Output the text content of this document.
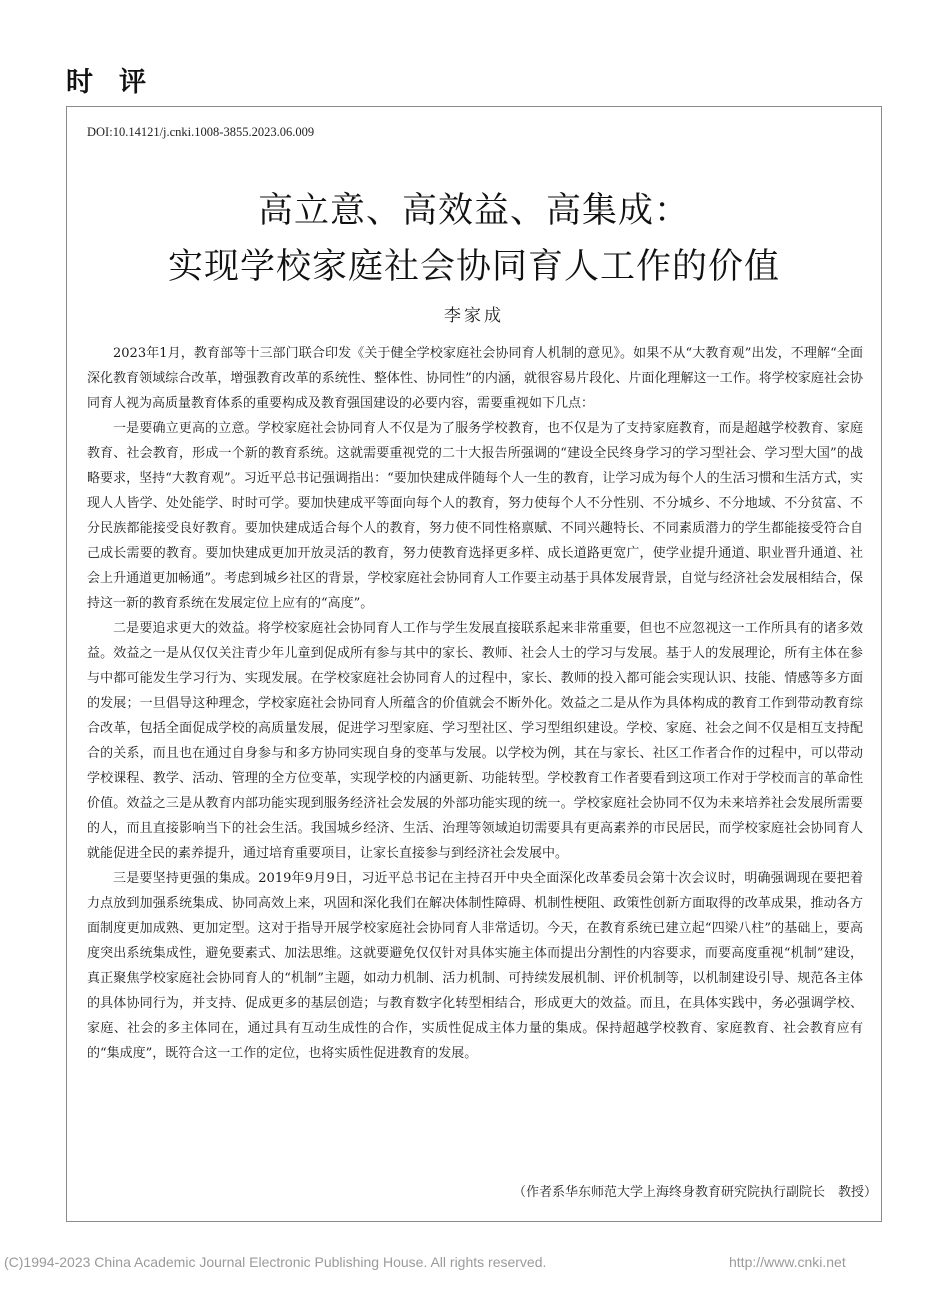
时评
DOI:10.14121/j.cnki.1008-3855.2023.06.009
高立意、高效益、高集成：
实现学校家庭社会协同育人工作的价值
李家成

2023年1月，教育部等十三部门联合印发《关于健全学校家庭社会协同育人机制的意见》。如果不从“大教育观”出发，不理解“全面深化教育领域综合改革，增强教育改革的系统性、整体性、协同性”的内涵，就很容易片段化、片面化理解这一工作。将学校家庭社会协同育人视为高质量教育体系的重要构成及教育强国建设的必要内容，需要重视如下几点：

一是要确立更高的立意。学校家庭社会协同育人不仅是为了服务学校教育，也不仅是为了支持家庭教育，而是超越学校教育、家庭教育、社会教育，形成一个新的教育系统。这就需要重视党的二十大报告所强调的“建设全民终身学习的学习型社会、学习型大国”的战略要求，坚持“大教育观”。习近平总书记强调指出：“要加快建成伴随每个人一生的教育，让学习成为每个人的生活习惯和生活方式，实现人人皆学、处处能学、时时可学。要加快建成平等面向每个人的教育，努力使每个人不分性别、不分城乡、不分地域、不分贫富、不分民族都能接受良好教育。要加快建成适合每个人的教育，努力使不同性格禀赋、不同兴趣特长、不同素质潜力的学生都能接受符合自己成长需要的教育。要加快建成更加开放灵活的教育，努力使教育选择更多样、成长道路更宽广，使学业提升通道、职业晋升通道、社会上升通道更加畅通”。考虑到城乡社区的背景，学校家庭社会协同育人工作要主动基于具体发展背景，自觉与经济社会发展相结合，保持这一新的教育系统在发展定位上应有的“高度”。

二是要追求更大的效益。将学校家庭社会协同育人工作与学生发展直接联系起来非常重要，但也不应忽视这一工作所具有的诸多效益。效益之一是从仅仅关注青少年儿童到促成所有参与其中的家长、教师、社会人士的学习与发展。基于人的发展理论，所有主体在参与中都可能发生学习行为、实现发展。在学校家庭社会协同育人的过程中，家长、教师的投入都可能会实现认识、技能、情感等多方面的发展；一旦倡导这种理念，学校家庭社会协同育人所蕴含的价值就会不断外化。效益之二是从作为具体构成的教育工作到带动教育综合改革，包括全面促成学校的高质量发展，促进学习型家庭、学习型社区、学习型组织建设。学校、家庭、社会之间不仅是相互支持配合的关系，而且也在通过自身参与和多方协同实现自身的变革与发展。以学校为例，其在与家长、社区工作者合作的过程中，可以带动学校课程、教学、活动、管理的全方位变革，实现学校的内涵更新、功能转型。学校教育工作者要看到这项工作对于学校而言的革命性价值。效益之三是从教育内部功能实现到服务经济社会发展的外部功能实现的统一。学校家庭社会协同不仅为未来培养社会发展所需要的人，而且直接影响当下的社会生活。我国城乡经济、生活、治理等领域迫切需要具有更高素养的市民居民，而学校家庭社会协同育人就能促进全民的素养提升，通过培育重要项目，让家长直接参与到经济社会发展中。

三是要坚持更强的集成。2019年9月9日，习近平总书记在主持召开中央全面深化改革委员会第十次会议时，明确强调现在要把着力点放到加强系统集成、协同高效上来，巩固和深化我们在解决体制性障碍、机制性梗阻、政策性创新方面取得的改革成果，推动各方面制度更加成熟、更加定型。这对于指导开展学校家庭社会协同育人非常适切。今天，在教育系统已建立起“四梁八柱”的基础上，要高度突出系统集成性，避免要素式、加法思维。这就要避免仅仅针对具体实施主体而提出分割性的内容要求，而要高度重视“机制”建设，真正聚焦学校家庭社会协同育人的“机制”主题，如动力机制、活力机制、可持续发展机制、评价机制等，以机制建设引导、规范各主体的具体协同行为，并支持、促成更多的基层创造；与教育数字化转型相结合，形成更大的效益。而且，在具体实践中，务必强调学校、家庭、社会的多主体同在，通过具有互动生成性的合作，实质性促成主体力量的集成。保持超越学校教育、家庭教育、社会教育应有的“集成度”，既符合这一工作的定位，也将实质性促进教育的发展。

（作者系华东师范大学上海终身教育研究院执行副院长　教授）
(C)1994-2023 China Academic Journal Electronic Publishing House. All rights reserved.	http://www.cnki.net
